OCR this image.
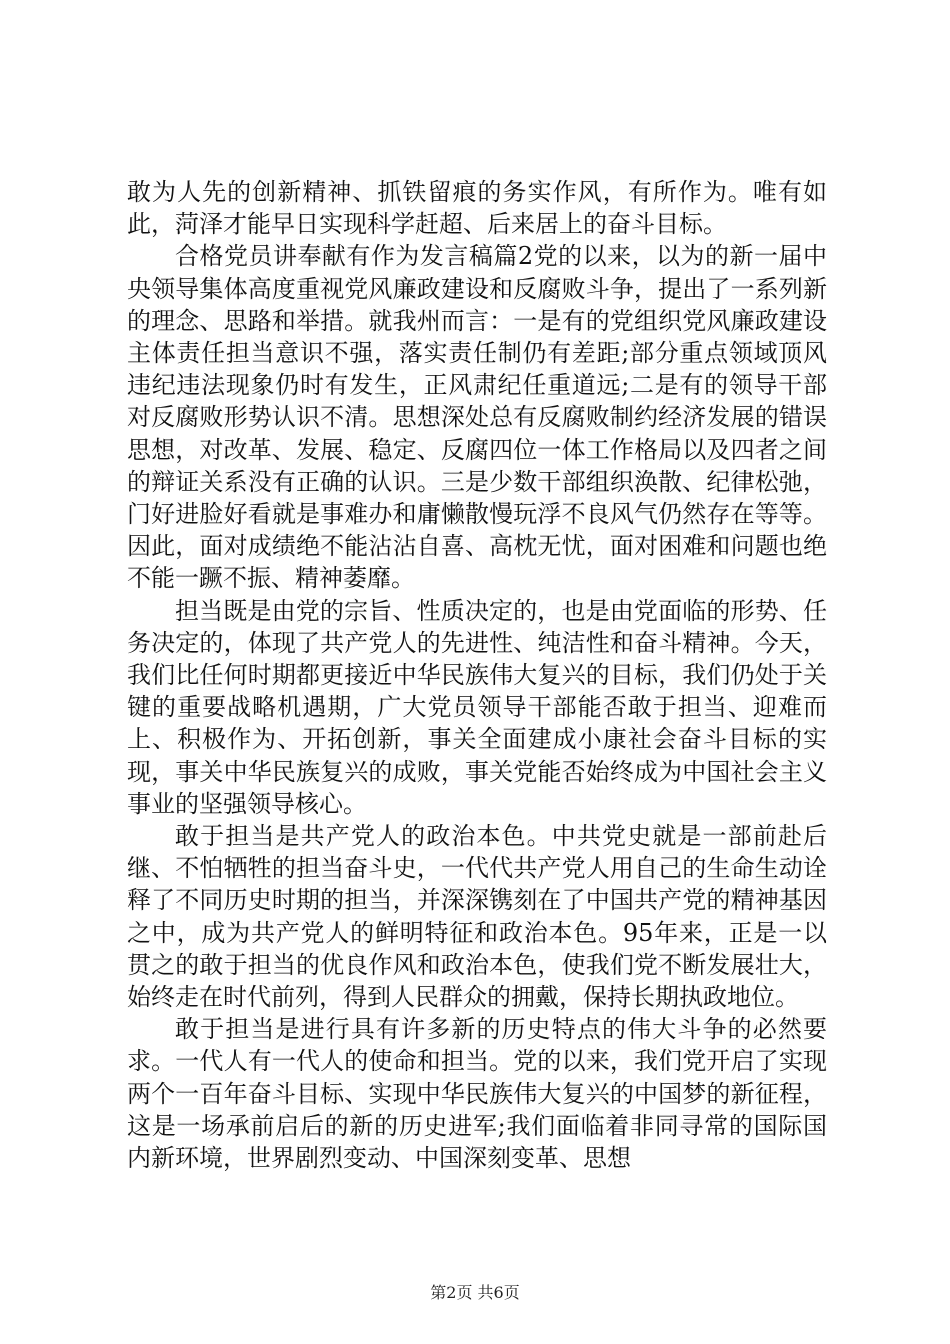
敢为人先的创新精神、抓铁留痕的务实作风，有所作为。唯有如此，菏泽才能早日实现科学赶超、后来居上的奋斗目标。

合格党员讲奉献有作为发言稿篇2党的以来，以为的新一届中央领导集体高度重视党风廉政建设和反腐败斗争，提出了一系列新的理念、思路和举措。就我州而言：一是有的党组织党风廉政建设主体责任担当意识不强，落实责任制仍有差距;部分重点领域顶风违纪违法现象仍时有发生，正风肃纪任重道远;二是有的领导干部对反腐败形势认识不清。思想深处总有反腐败制约经济发展的错误思想，对改革、发展、稳定、反腐四位一体工作格局以及四者之间的辩证关系没有正确的认识。三是少数干部组织涣散、纪律松弛，门好进脸好看就是事难办和庸懒散慢玩浮不良风气仍然存在等等。因此，面对成绩绝不能沾沾自喜、高枕无忧，面对困难和问题也绝不能一蹶不振、精神萎靡。

担当既是由党的宗旨、性质决定的，也是由党面临的形势、任务决定的，体现了共产党人的先进性、纯洁性和奋斗精神。今天，我们比任何时期都更接近中华民族伟大复兴的目标，我们仍处于关键的重要战略机遇期，广大党员领导干部能否敢于担当、迎难而上、积极作为、开拓创新，事关全面建成小康社会奋斗目标的实现，事关中华民族复兴的成败，事关党能否始终成为中国社会主义事业的坚强领导核心。

敢于担当是共产党人的政治本色。中共党史就是一部前赴后继、不怕牺牲的担当奋斗史，一代代共产党人用自己的生命生动诠释了不同历史时期的担当，并深深镌刻在了中国共产党的精神基因之中，成为共产党人的鲜明特征和政治本色。95年来，正是一以贯之的敢于担当的优良作风和政治本色，使我们党不断发展壮大，始终走在时代前列，得到人民群众的拥戴，保持长期执政地位。

敢于担当是进行具有许多新的历史特点的伟大斗争的必然要求。一代人有一代人的使命和担当。党的以来，我们党开启了实现两个一百年奋斗目标、实现中华民族伟大复兴的中国梦的新征程，这是一场承前启后的新的历史进军;我们面临着非同寻常的国际国内新环境，世界剧烈变动、中国深刻变革、思想

第2页 共6页
